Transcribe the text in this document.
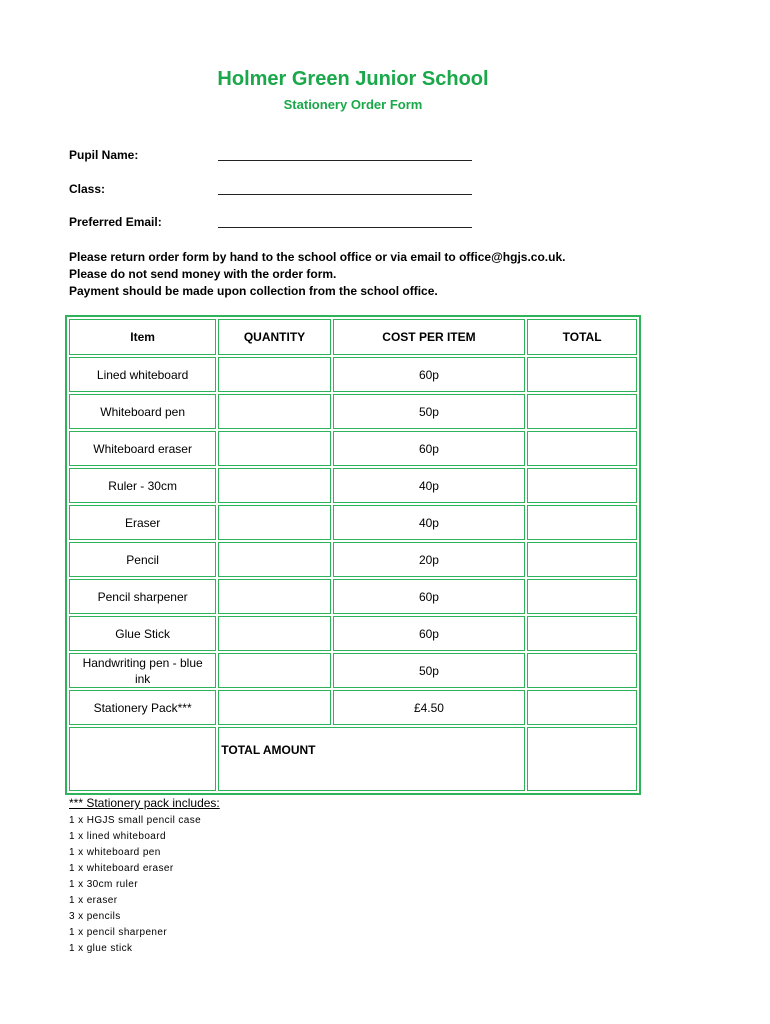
Holmer Green Junior School
Stationery Order Form
Pupil Name:
Class:
Preferred Email:
Please return order form by hand to the school office or via email to office@hgjs.co.uk.
Please do not send money with the order form.
Payment should be made upon collection from the school office.
Item	QUANTITY	COST PER ITEM	TOTAL
Lined whiteboard		60p	
Whiteboard pen		50p	
Whiteboard eraser		60p	
Ruler - 30cm		40p	
Eraser		40p	
Pencil		20p	
Pencil sharpener		60p	
Glue Stick		60p	
Handwriting pen - blue ink		50p	
Stationery Pack***		£4.50	
	TOTAL AMOUNT		
*** Stationery pack includes:
1 x HGJS small pencil case
1 x lined whiteboard
1 x whiteboard pen
1 x whiteboard eraser
1 x 30cm ruler
1 x eraser
3 x pencils
1 x pencil sharpener
1 x glue stick
